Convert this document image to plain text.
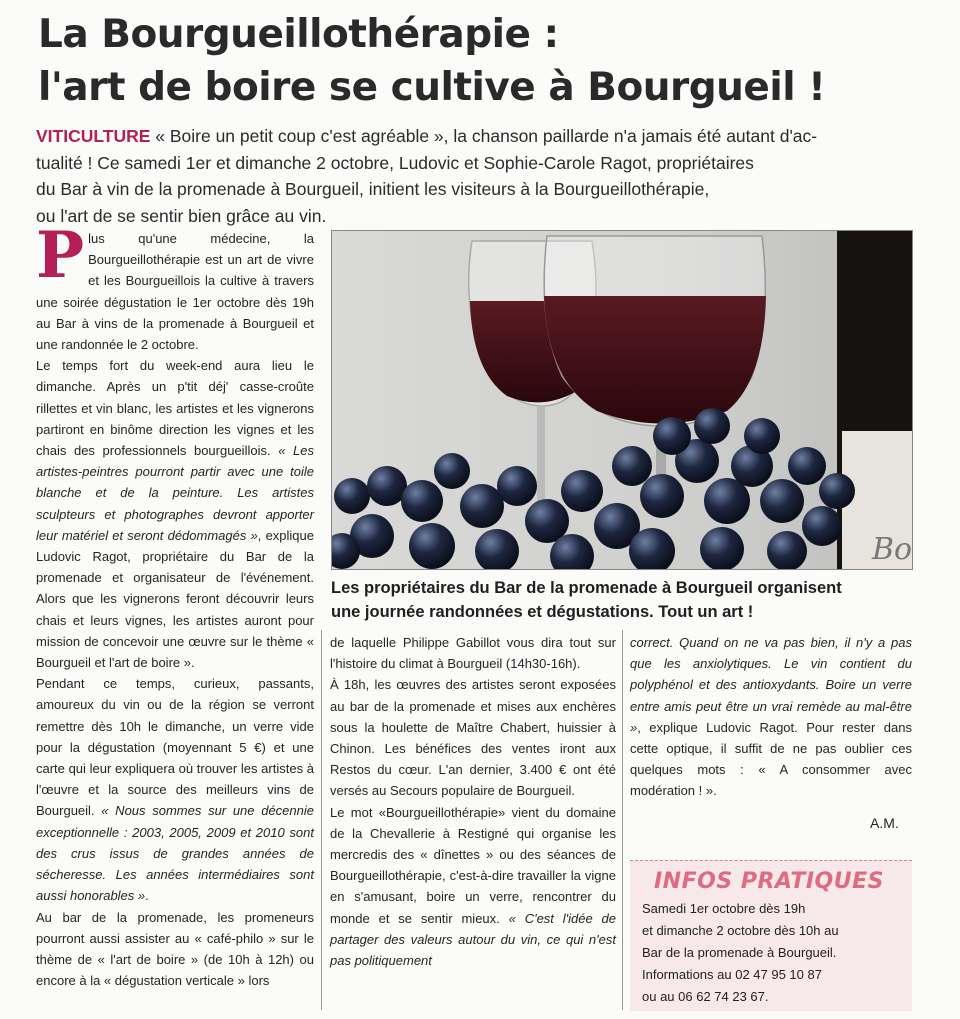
La Bourgueillothérapie :
l'art de boire se cultive à Bourgueil !

VITICULTURE « Boire un petit coup c'est agréable », la chanson paillarde n'a jamais été autant d'ac-
tualité ! Ce samedi 1er et dimanche 2 octobre, Ludovic et Sophie-Carole Ragot, propriétaires
du Bar à vin de la promenade à Bourgueil, initient les visiteurs à la Bourgueillothérapie,
ou l'art de se sentir bien grâce au vin.

Plus qu'une médecine, la Bourgueillothérapie est un art de vivre et les Bourgueillois la cultive à travers une soirée dégustation le 1er octobre dès 19h au Bar à vins de la promenade à Bourgueil et une randonnée le 2 octobre.

Le temps fort du week-end aura lieu le dimanche. Après un p'tit déj' casse-croûte rillettes et vin blanc, les artistes et les vignerons partiront en binôme direction les vignes et les chais des professionnels bourgueillois. « Les artistes-peintres pourront partir avec une toile blanche et de la peinture. Les artistes sculpteurs et photographes devront apporter leur matériel et seront dédommagés », explique Ludovic Ragot, propriétaire du Bar de la promenade et organisateur de l'événement. Alors que les vignerons feront découvrir leurs chais et leurs vignes, les artistes auront pour mission de concevoir une œuvre sur le thème « Bourgueil et l'art de boire ».

Pendant ce temps, curieux, passants, amoureux du vin ou de la région se verront remettre dès 10h le dimanche, un verre vide pour la dégustation (moyennant 5 €) et une carte qui leur expliquera où trouver les artistes à l'œuvre et la source des meilleurs vins de Bourgueil. « Nous sommes sur une décennie exceptionnelle : 2003, 2005, 2009 et 2010 sont des crus issus de grandes années de sécheresse. Les années intermédiaires sont aussi honorables ».

Au bar de la promenade, les promeneurs pourront aussi assister au « café-philo » sur le thème de « l'art de boire » (de 10h à 12h) ou encore à la « dégustation verticale » lors

Bo

Les propriétaires du Bar de la promenade à Bourgueil organisent
une journée randonnées et dégustations. Tout un art !

de laquelle Philippe Gabillot vous dira tout sur l'histoire du climat à Bourgueil (14h30-16h).

À 18h, les œuvres des artistes seront exposées au bar de la promenade et mises aux enchères sous la houlette de Maître Chabert, huissier à Chinon. Les bénéfices des ventes iront aux Restos du cœur. L'an dernier, 3.400 € ont été versés au Secours populaire de Bourgueil.

Le mot «Bourgueillothérapie» vient du domaine de la Chevallerie à Restigné qui organise les mercredis des « dînettes » ou des séances de Bourgueillothérapie, c'est-à-dire travailler la vigne en s'amusant, boire un verre, rencontrer du monde et se sentir mieux. « C'est l'idée de partager des valeurs autour du vin, ce qui n'est pas politiquement

correct. Quand on ne va pas bien, il n'y a pas que les anxiolytiques. Le vin contient du polyphénol et des antioxydants. Boire un verre entre amis peut être un vrai remède au mal-être », explique Ludovic Ragot. Pour rester dans cette optique, il suffit de ne pas oublier ces quelques mots : « A consommer avec modération ! ».

A.M.
INFOS PRATIQUES
Samedi 1er octobre dès 19h
et dimanche 2 octobre dès 10h au
Bar de la promenade à Bourgueil.
Informations au 02 47 95 10 87
ou au 06 62 74 23 67.
